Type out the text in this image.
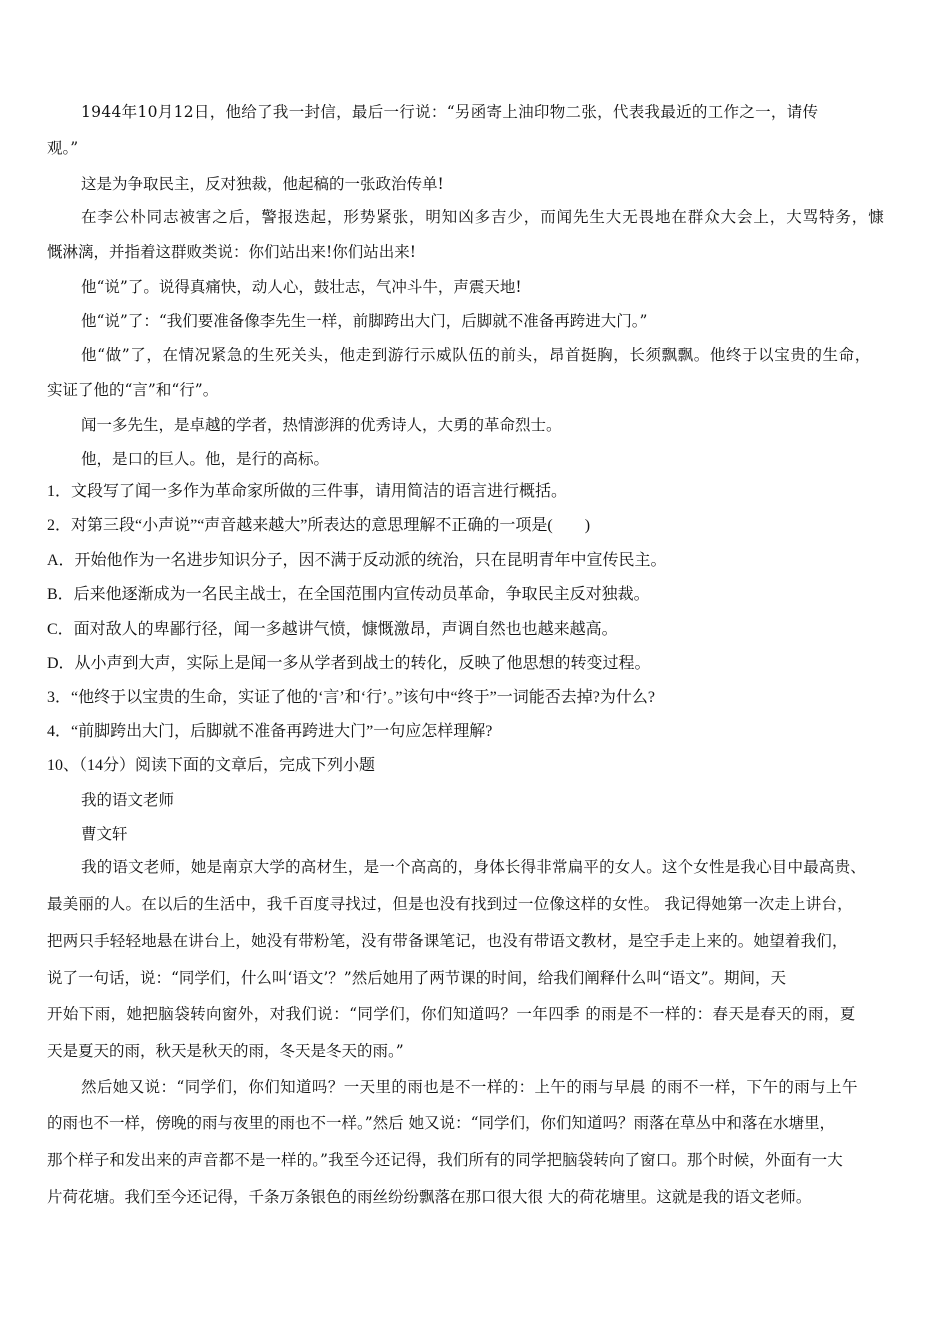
1944年10月12日，他给了我一封信，最后一行说：“另函寄上油印物二张，代表我最近的工作之一，请传
观。”
这是为争取民主，反对独裁，他起稿的一张政治传单!
在李公朴同志被害之后，警报迭起，形势紧张，明知凶多吉少，而闻先生大无畏地在群众大会上，大骂特务，慷
慨淋漓，并指着这群败类说：你们站出来!你们站出来!
他“说”了。说得真痛快，动人心，鼓壮志，气冲斗牛，声震天地!
他“说”了：“我们要准备像李先生一样，前脚跨出大门，后脚就不准备再跨进大门。”
他“做”了，在情况紧急的生死关头，他走到游行示威队伍的前头，昂首挺胸，长须飘飘。他终于以宝贵的生命，
实证了他的“言”和“行”。
闻一多先生，是卓越的学者，热情澎湃的优秀诗人，大勇的革命烈士。
他，是口的巨人。他，是行的高标。
1．文段写了闻一多作为革命家所做的三件事，请用简洁的语言进行概括。
2．对第三段“小声说”“声音越来越大”所表达的意思理解不正确的一项是(　　)
A．开始他作为一名进步知识分子，因不满于反动派的统治，只在昆明青年中宣传民主。
B．后来他逐渐成为一名民主战士，在全国范围内宣传动员革命，争取民主反对独裁。
C．面对敌人的卑鄙行径，闻一多越讲气愤，慷慨激昂，声调自然也也越来越高。
D．从小声到大声，实际上是闻一多从学者到战士的转化，反映了他思想的转变过程。
3．“他终于以宝贵的生命，实证了他的‘言’和‘行’。”该句中“终于”一词能否去掉?为什么?
4．“前脚跨出大门，后脚就不准备再跨进大门”一句应怎样理解?
10、（14分）阅读下面的文章后，完成下列小题
我的语文老师
曹文轩
我的语文老师，她是南京大学的高材生，是一个高高的，身体长得非常扁平的女人。这个女性是我心目中最高贵、
最美丽的人。在以后的生活中，我千百度寻找过，但是也没有找到过一位像这样的女性。 我记得她第一次走上讲台，
把两只手轻轻地悬在讲台上，她没有带粉笔，没有带备课笔记，也没有带语文教材，是空手走上来的。她望着我们，
说了一句话，说：“同学们，什么叫‘语文’？”然后她用了两节课的时间，给我们阐释什么叫“语文”。期间，天
开始下雨，她把脑袋转向窗外，对我们说：“同学们，你们知道吗？一年四季 的雨是不一样的：春天是春天的雨，夏
天是夏天的雨，秋天是秋天的雨，冬天是冬天的雨。”
然后她又说：“同学们，你们知道吗？一天里的雨也是不一样的：上午的雨与早晨 的雨不一样，下午的雨与上午
的雨也不一样，傍晚的雨与夜里的雨也不一样。”然后 她又说：“同学们，你们知道吗？雨落在草丛中和落在水塘里，
那个样子和发出来的声音都不是一样的。”我至今还记得，我们所有的同学把脑袋转向了窗口。那个时候，外面有一大
片荷花塘。我们至今还记得，千条万条银色的雨丝纷纷飘落在那口很大很 大的荷花塘里。这就是我的语文老师。
